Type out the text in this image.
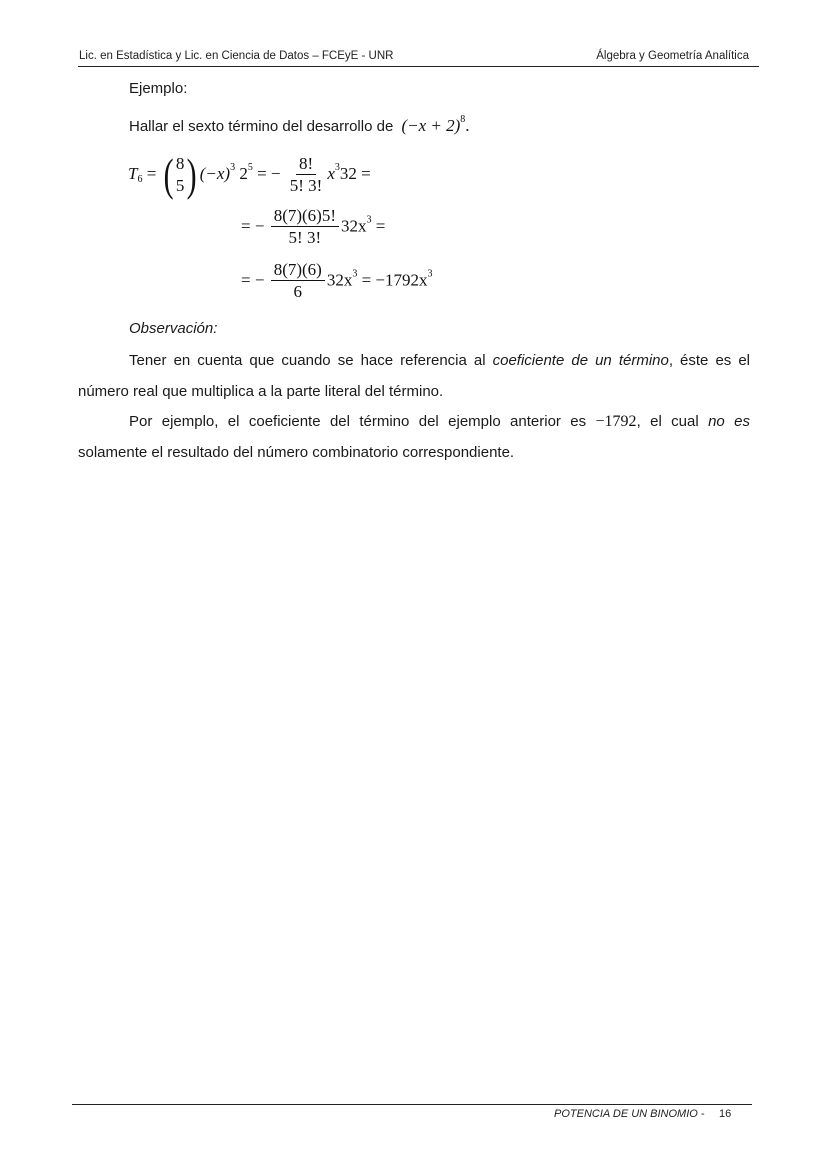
Lic. en Estadística y Lic. en Ciencia de Datos – FCEyE - UNR	Álgebra y Geometría Analítica
Ejemplo:
Hallar el sexto término del desarrollo de $(-x + 2)^8$.
$T_6$ = ( 8
5 ) $(-x)^3$ $2^5$ = − $\frac{8!}{5! 3!} x^332$ =
= − $\frac{8(7)(6)5!}{5! 3!} 32x^3$ =
= − $\frac{8(7)(6)}{6} 32x^3 = -1792x^3$
Observación:
Tener en cuenta que cuando se hace referencia al coeficiente de un término, éste es el
número real que multiplica a la parte literal del término.
Por ejemplo, el coeficiente del término del ejemplo anterior es −1792, el cual no es
solamente el resultado del número combinatorio correspondiente.
POTENCIA DE UN BINOMIO - 16
